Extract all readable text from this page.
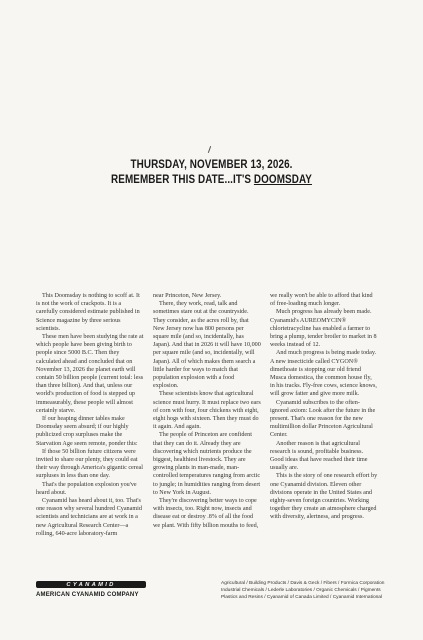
THURSDAY, NOVEMBER 13, 2026.
REMEMBER THIS DATE...IT'S DOOMSDAY

This Doomsday is nothing to scoff at. It is not the work of crackpots. It is a carefully considered estimate published in Science magazine by three serious scientists.

These men have been studying the rate at which people have been giving birth to people since 5000 B.C. Then they calculated ahead and concluded that on November 13, 2026 the planet earth will contain 50 billion people (current total: less than three billion). And that, unless our world's production of food is stepped up immeasurably, these people will almost certainly starve.

If our heaping dinner tables make Doomsday seem absurd; if our highly publicized crop surpluses make the Starvation Age seem remote, ponder this:

If those 50 billion future citizens were invited to share our plenty, they could eat their way through America's gigantic cereal surpluses in less than one day.

That's the population explosion you've heard about.

Cyanamid has heard about it, too. That's one reason why several hundred Cyanamid scientists and technicians are at work in a new Agricultural Research Center—a rolling, 640-acre laboratory-farm

near Princeton, New Jersey.

There, they work, read, talk and sometimes stare out at the countryside. They consider, as the acres roll by, that New Jersey now has 800 persons per square mile (and so, incidentally, has Japan). And that in 2026 it will have 10,000 per square mile (and so, incidentally, will Japan). All of which makes them search a little harder for ways to match that population explosion with a food explosion.

These scientists know that agricultural science must hurry. It must replace two ears of corn with four, four chickens with eight, eight hogs with sixteen. Then they must do it again. And again.

The people of Princeton are confident that they can do it. Already they are discovering which nutrients produce the biggest, healthiest livestock. They are growing plants in man-made, man-controlled temperatures ranging from arctic to jungle; in humidities ranging from desert to New York in August.

They're discovering better ways to cope with insects, too. Right now, insects and disease eat or destroy .8% of all the food we plant. With fifty billion mouths to feed,

we really won't be able to afford that kind of free-loading much longer.

Much progress has already been made. Cyanamid's AUREOMYCIN® chlortetracycline has enabled a farmer to bring a plump, tender broiler to market in 8 weeks instead of 12.

And much progress is being made today. A new insecticide called CYGON® dimethoate is stopping our old friend Musca domestica, the common house fly, in his tracks. Fly-free cows, science knows, will grow fatter and give more milk.

Cyanamid subscribes to the often-ignored axiom: Look after the future in the present. That's one reason for the new multimillion dollar Princeton Agricultural Center.

Another reason is that agricultural research is sound, profitable business. Good ideas that have reached their time usually are.

This is the story of one research effort by one Cyanamid division. Eleven other divisions operate in the United States and eighty-seven foreign countries. Working together they create an atmosphere charged with diversity, alertness, and progress.

CYANAMID
AMERICAN CYANAMID COMPANY
Agricultural / Building Products / Davis & Geck / Fibers / Formica Corporation
Industrial Chemicals / Lederle Laboratories / Organic Chemicals / Pigments
Plastics and Resins / Cyanamid of Canada Limited / Cyanamid International
